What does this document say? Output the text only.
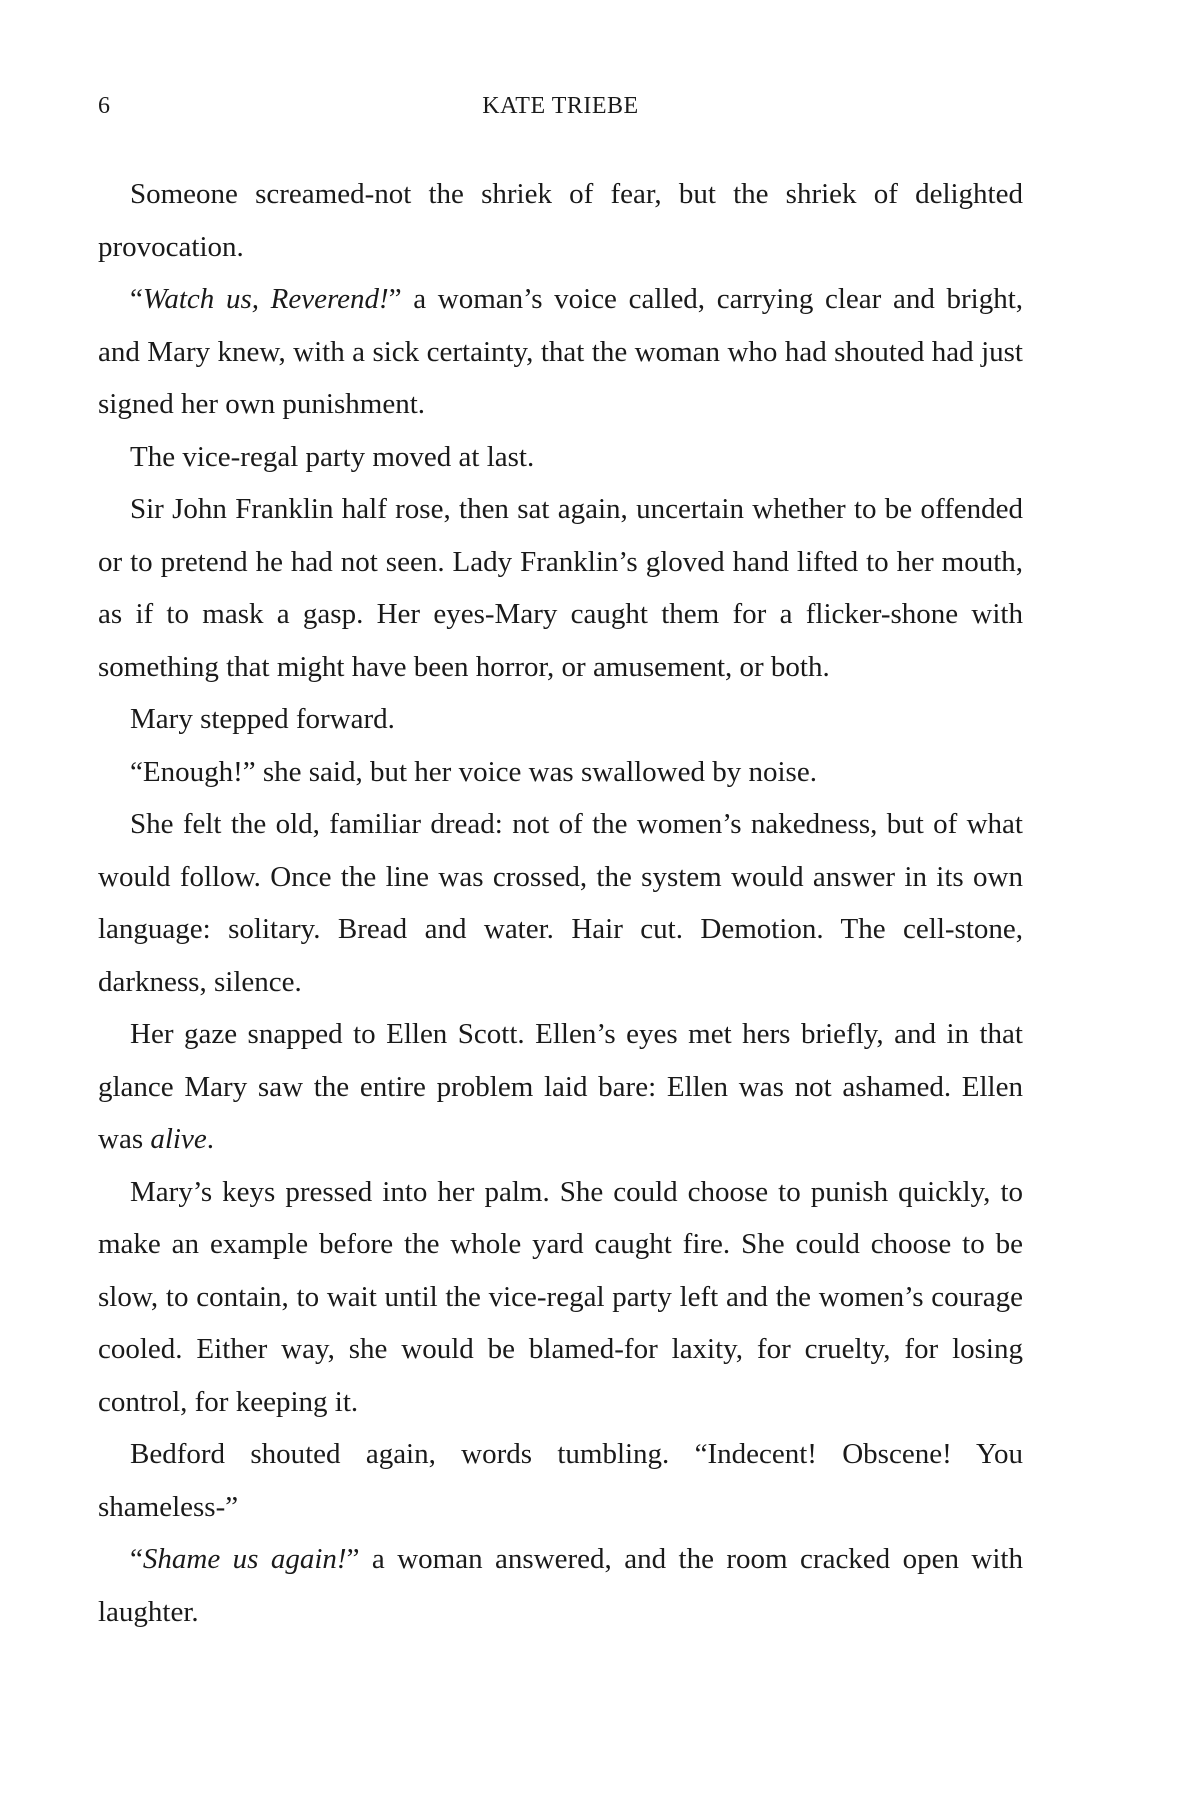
6	KATE TRIEBE

Someone screamed-not the shriek of fear, but the shriek of delighted provocation.

“Watch us, Reverend!” a woman’s voice called, carrying clear and bright, and Mary knew, with a sick certainty, that the woman who had shouted had just signed her own punishment.

The vice-regal party moved at last.

Sir John Franklin half rose, then sat again, uncertain whether to be offended or to pretend he had not seen. Lady Franklin’s gloved hand lifted to her mouth, as if to mask a gasp. Her eyes-Mary caught them for a flicker-shone with something that might have been horror, or amusement, or both.

Mary stepped forward.

“Enough!” she said, but her voice was swallowed by noise.

She felt the old, familiar dread: not of the women’s nakedness, but of what would follow. Once the line was crossed, the system would answer in its own language: solitary. Bread and water. Hair cut. Demotion. The cell-stone, darkness, silence.

Her gaze snapped to Ellen Scott. Ellen’s eyes met hers briefly, and in that glance Mary saw the entire problem laid bare: Ellen was not ashamed. Ellen was alive.

Mary’s keys pressed into her palm. She could choose to punish quickly, to make an example before the whole yard caught fire. She could choose to be slow, to contain, to wait until the vice-regal party left and the women’s courage cooled. Either way, she would be blamed-for laxity, for cruelty, for losing control, for keeping it.

Bedford shouted again, words tumbling. “Indecent! Obscene! You shameless-”

“Shame us again!” a woman answered, and the room cracked open with laughter.
